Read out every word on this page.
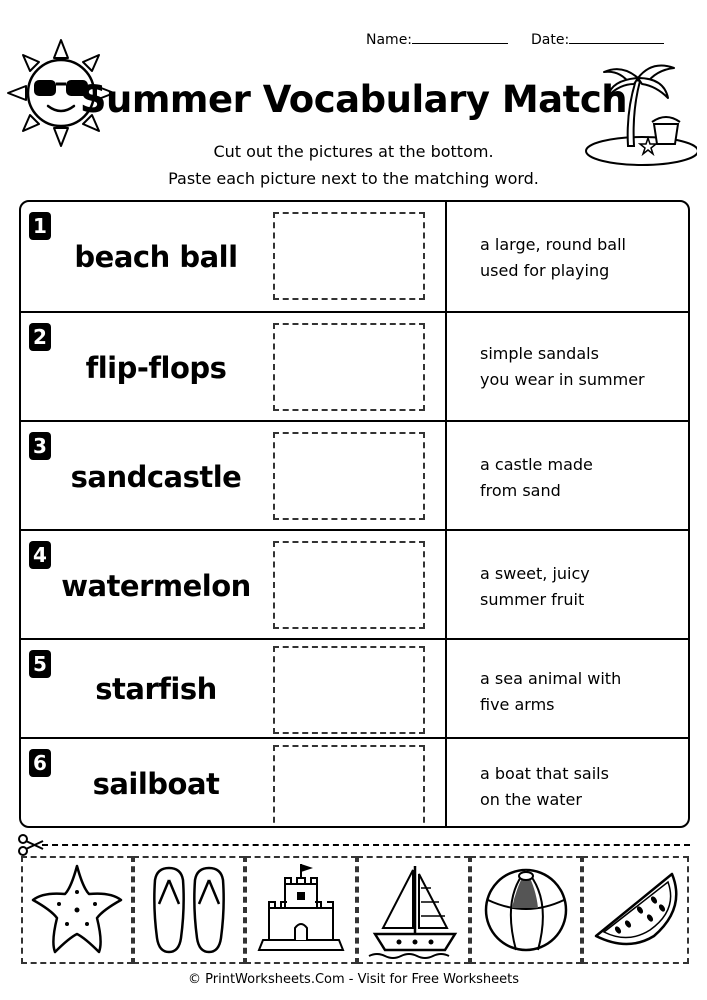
Name:	Date:
Summer Vocabulary Match
Cut out the pictures at the bottom.
Paste each picture next to the matching word.
1
beach ball	a large, round ball
used for playing
2
flip-flops	simple sandals
you wear in summer
3
sandcastle	a castle made
from sand
4
watermelon	a sweet, juicy
summer fruit
5
starfish	a sea animal with
five arms
6
sailboat	a boat that sails
on the water
© PrintWorksheets.Com - Visit for Free Worksheets
